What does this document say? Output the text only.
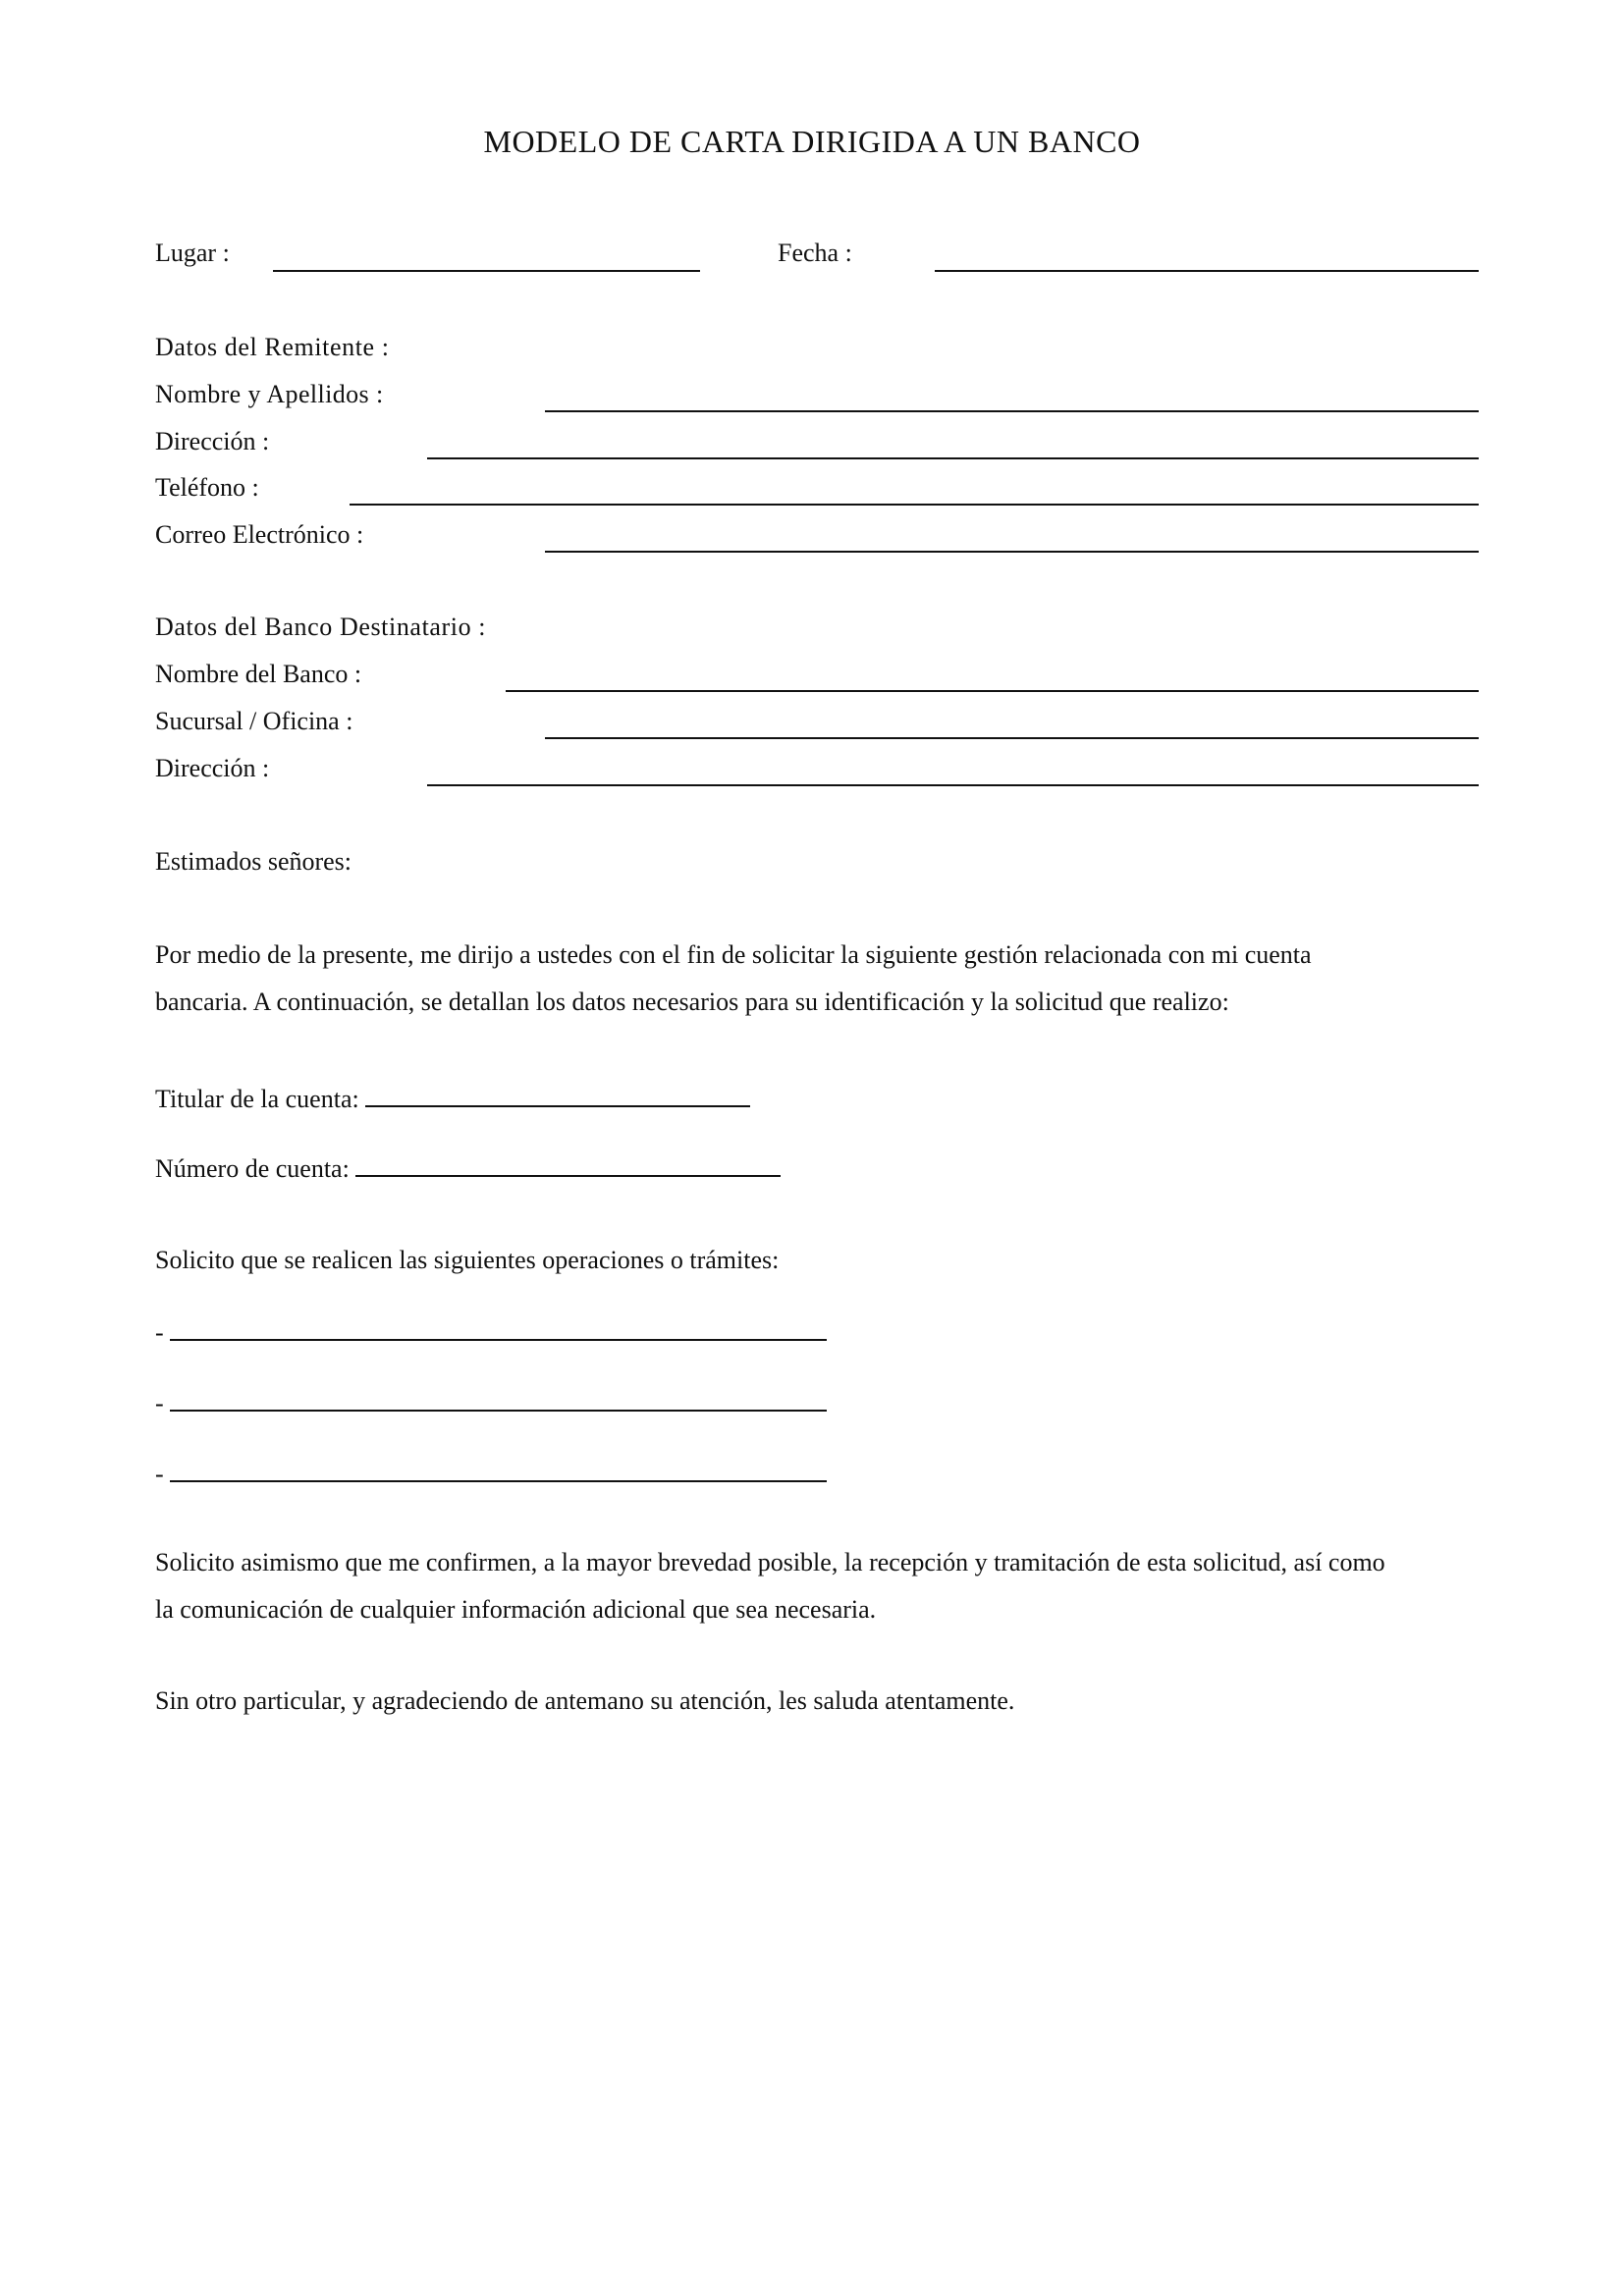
MODELO DE CARTA DIRIGIDA A UN BANCO
Lugar :	Fecha :
Datos del Remitente :
Nombre y Apellidos :
Dirección :
Teléfono :
Correo Electrónico :
Datos del Banco Destinatario :
Nombre del Banco :
Sucursal / Oficina :
Dirección :
Estimados señores:
Por medio de la presente, me dirijo a ustedes con el fin de solicitar la siguiente gestión relacionada con mi cuenta
bancaria. A continuación, se detallan los datos necesarios para su identificación y la solicitud que realizo:
Titular de la cuenta:
Número de cuenta:
Solicito que se realicen las siguientes operaciones o trámites:
-
-
-
Solicito asimismo que me confirmen, a la mayor brevedad posible, la recepción y tramitación de esta solicitud, así como
la comunicación de cualquier información adicional que sea necesaria.
Sin otro particular, y agradeciendo de antemano su atención, les saluda atentamente.
